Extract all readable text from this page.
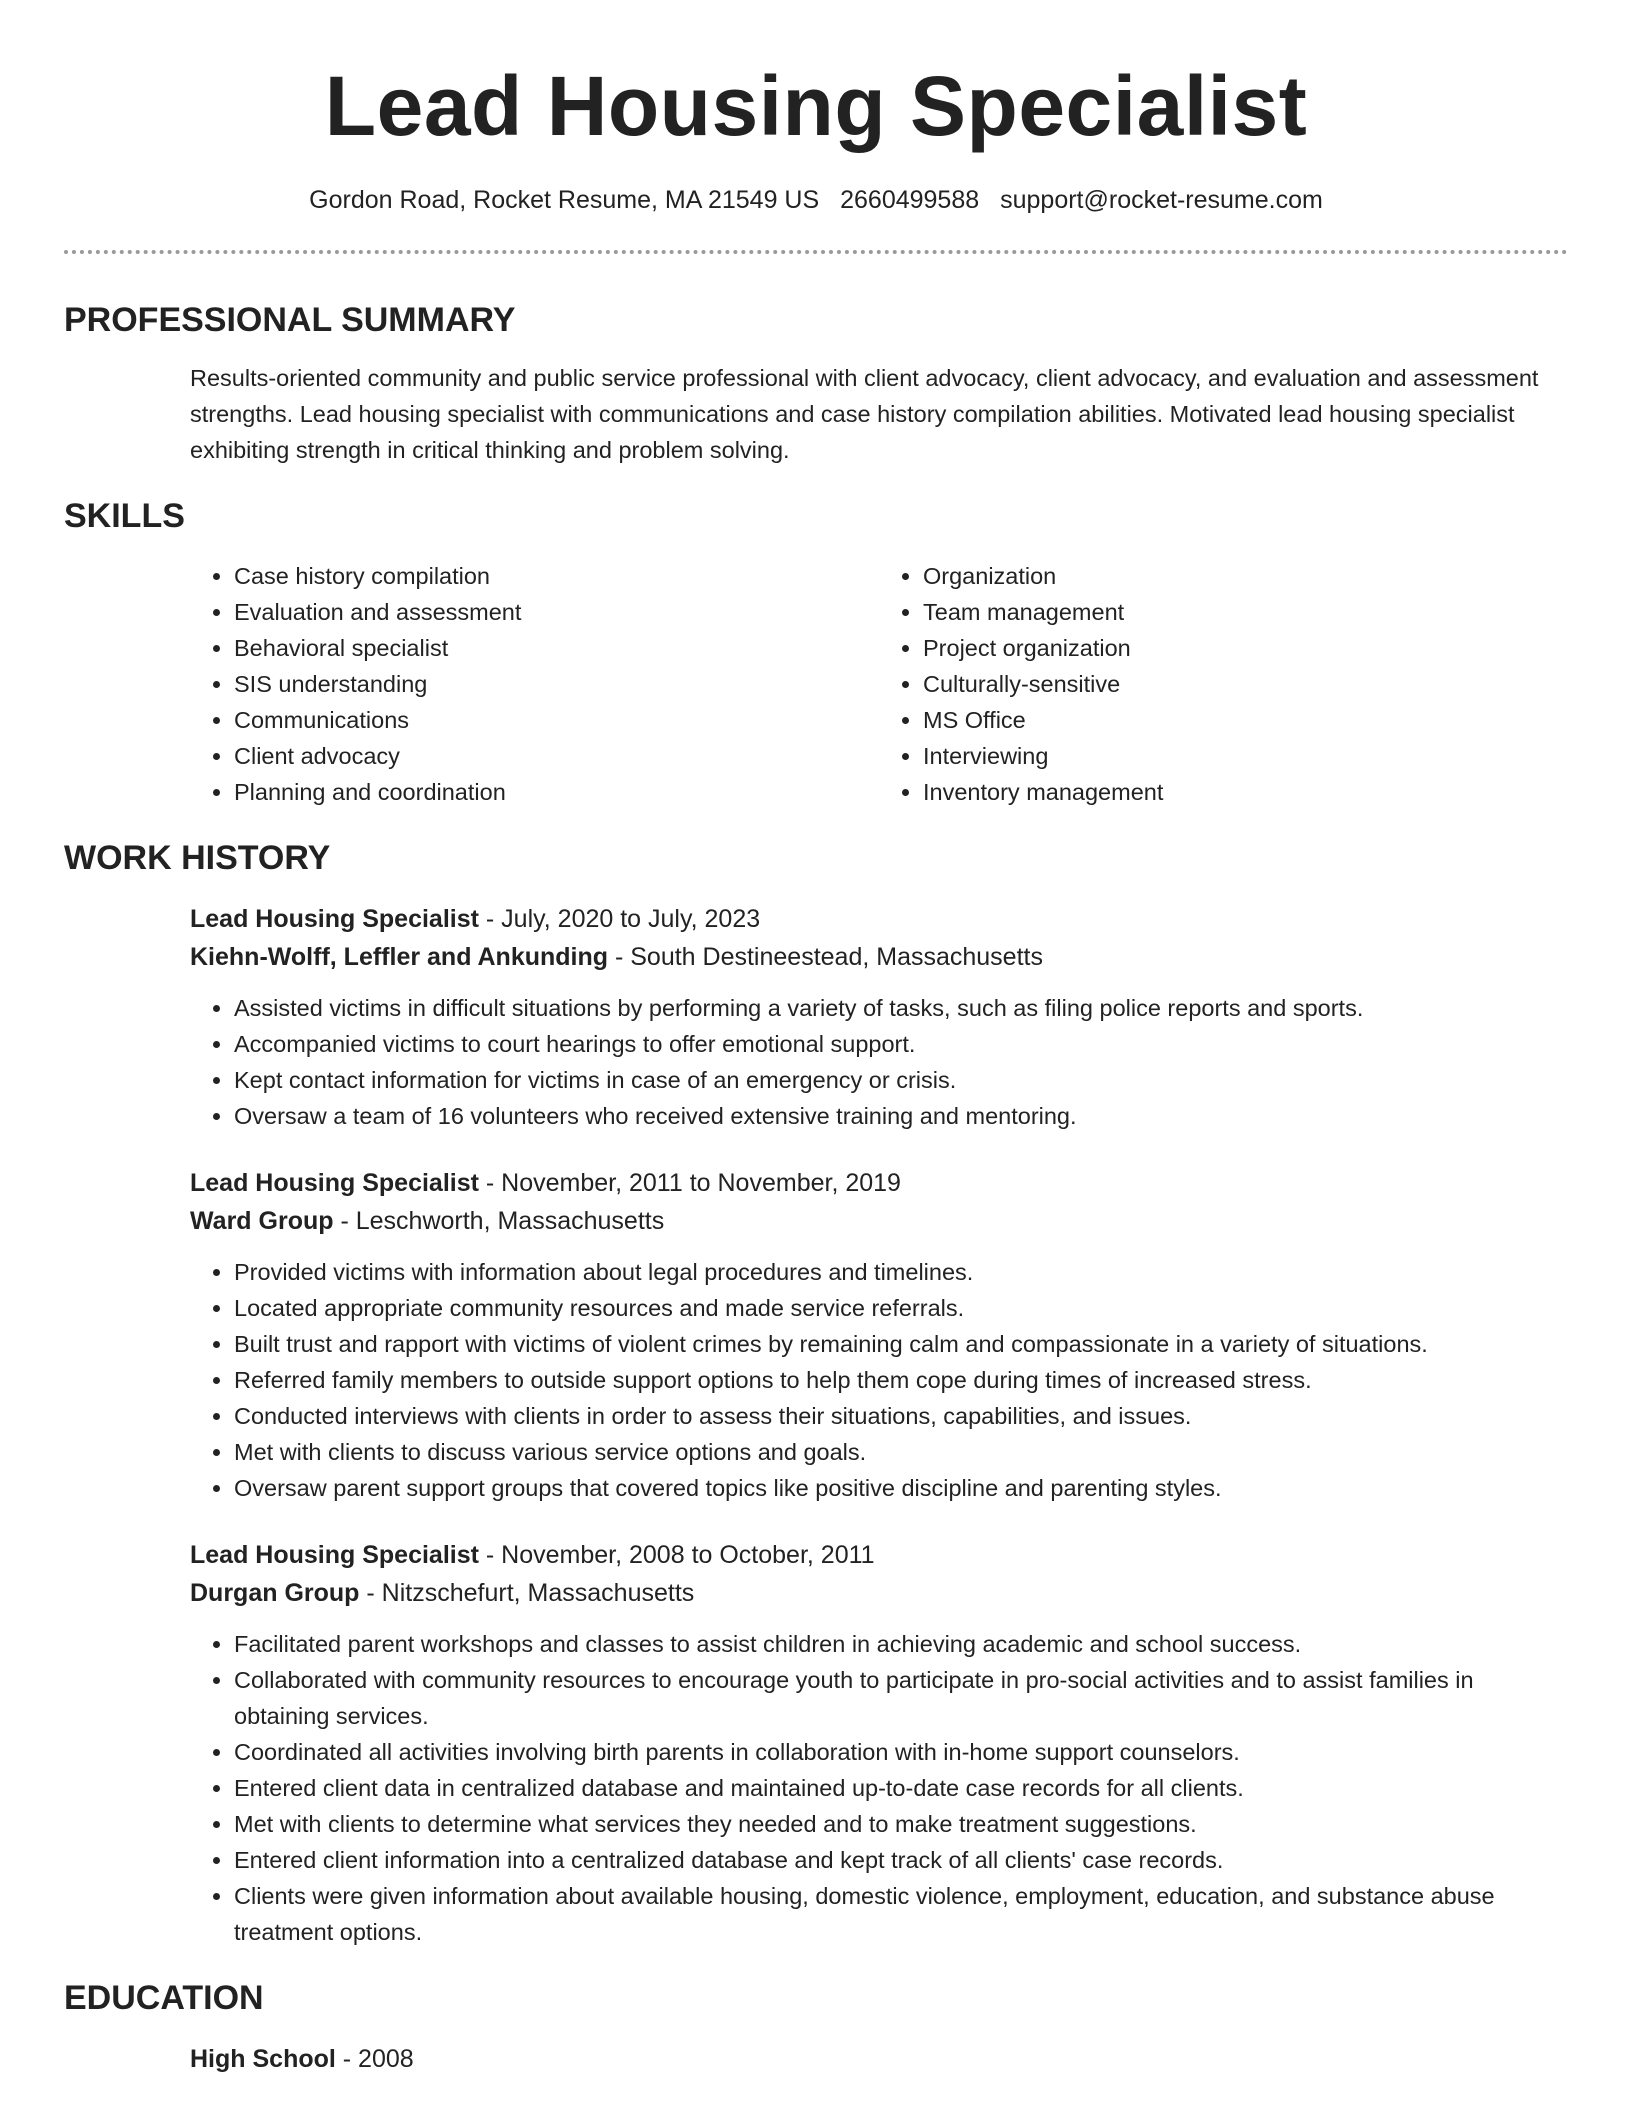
Lead Housing Specialist
Gordon Road, Rocket Resume, MA 21549 US 2660499588 support@rocket-resume.com
PROFESSIONAL SUMMARY

Results-oriented community and public service professional with client advocacy, client advocacy, and evaluation and assessment strengths. Lead housing specialist with communications and case history compilation abilities. Motivated lead housing specialist exhibiting strength in critical thinking and problem solving.

SKILLS
• Case history compilation
• Evaluation and assessment
• Behavioral specialist
• SIS understanding
• Communications
• Client advocacy
• Planning and coordination
• Organization
• Team management
• Project organization
• Culturally-sensitive
• MS Office
• Interviewing
• Inventory management
WORK HISTORY
Lead Housing Specialist - July, 2020 to July, 2023
Kiehn-Wolff, Leffler and Ankunding - South Destineestead, Massachusetts
• Assisted victims in difficult situations by performing a variety of tasks, such as filing police reports and sports.
• Accompanied victims to court hearings to offer emotional support.
• Kept contact information for victims in case of an emergency or crisis.
• Oversaw a team of 16 volunteers who received extensive training and mentoring.
Lead Housing Specialist - November, 2011 to November, 2019
Ward Group - Leschworth, Massachusetts
• Provided victims with information about legal procedures and timelines.
• Located appropriate community resources and made service referrals.
• Built trust and rapport with victims of violent crimes by remaining calm and compassionate in a variety of situations.
• Referred family members to outside support options to help them cope during times of increased stress.
• Conducted interviews with clients in order to assess their situations, capabilities, and issues.
• Met with clients to discuss various service options and goals.
• Oversaw parent support groups that covered topics like positive discipline and parenting styles.
Lead Housing Specialist - November, 2008 to October, 2011
Durgan Group - Nitzschefurt, Massachusetts
• Facilitated parent workshops and classes to assist children in achieving academic and school success.
• Collaborated with community resources to encourage youth to participate in pro-social activities and to assist families in obtaining services.
• Coordinated all activities involving birth parents in collaboration with in-home support counselors.
• Entered client data in centralized database and maintained up-to-date case records for all clients.
• Met with clients to determine what services they needed and to make treatment suggestions.
• Entered client information into a centralized database and kept track of all clients' case records.
• Clients were given information about available housing, domestic violence, employment, education, and substance abuse treatment options.
EDUCATION
High School - 2008
